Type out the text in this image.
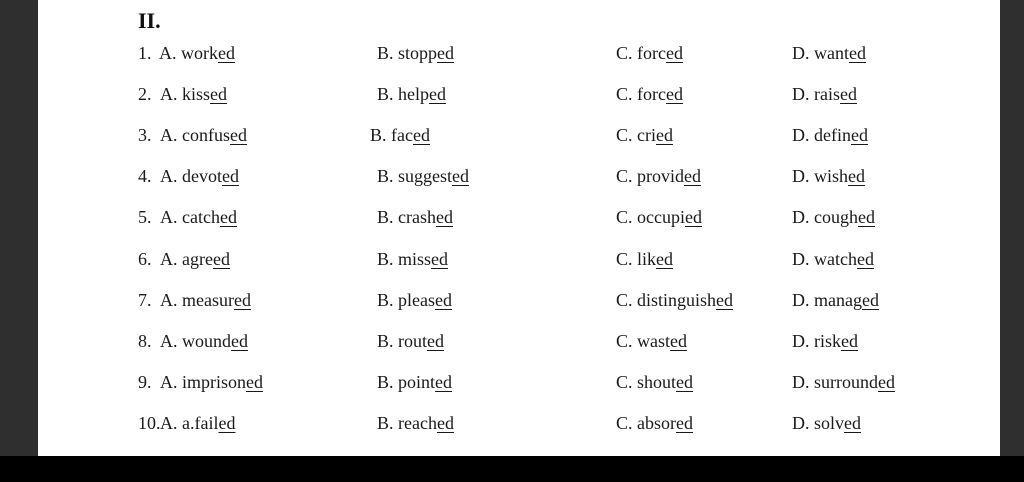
II.
1. A. worked	B. stopped	C. forced	D. wanted
2. A. kissed	B. helped	C. forced	D. raised
3. A. confused	B. faced	C. cried	D. defined
4. A. devoted	B. suggested	C. provided	D. wished
5. A. catched	B. crashed	C. occupied	D. coughed
6. A. agreed	B. missed	C. liked	D. watched
7. A. measured	B. pleased	C. distinguished	D. managed
8. A. wounded	B. routed	C. wasted	D. risked
9. A. imprisoned	B. pointed	C. shouted	D. surrounded
10. A. a.failed	B. reached	C. absored	D. solved
